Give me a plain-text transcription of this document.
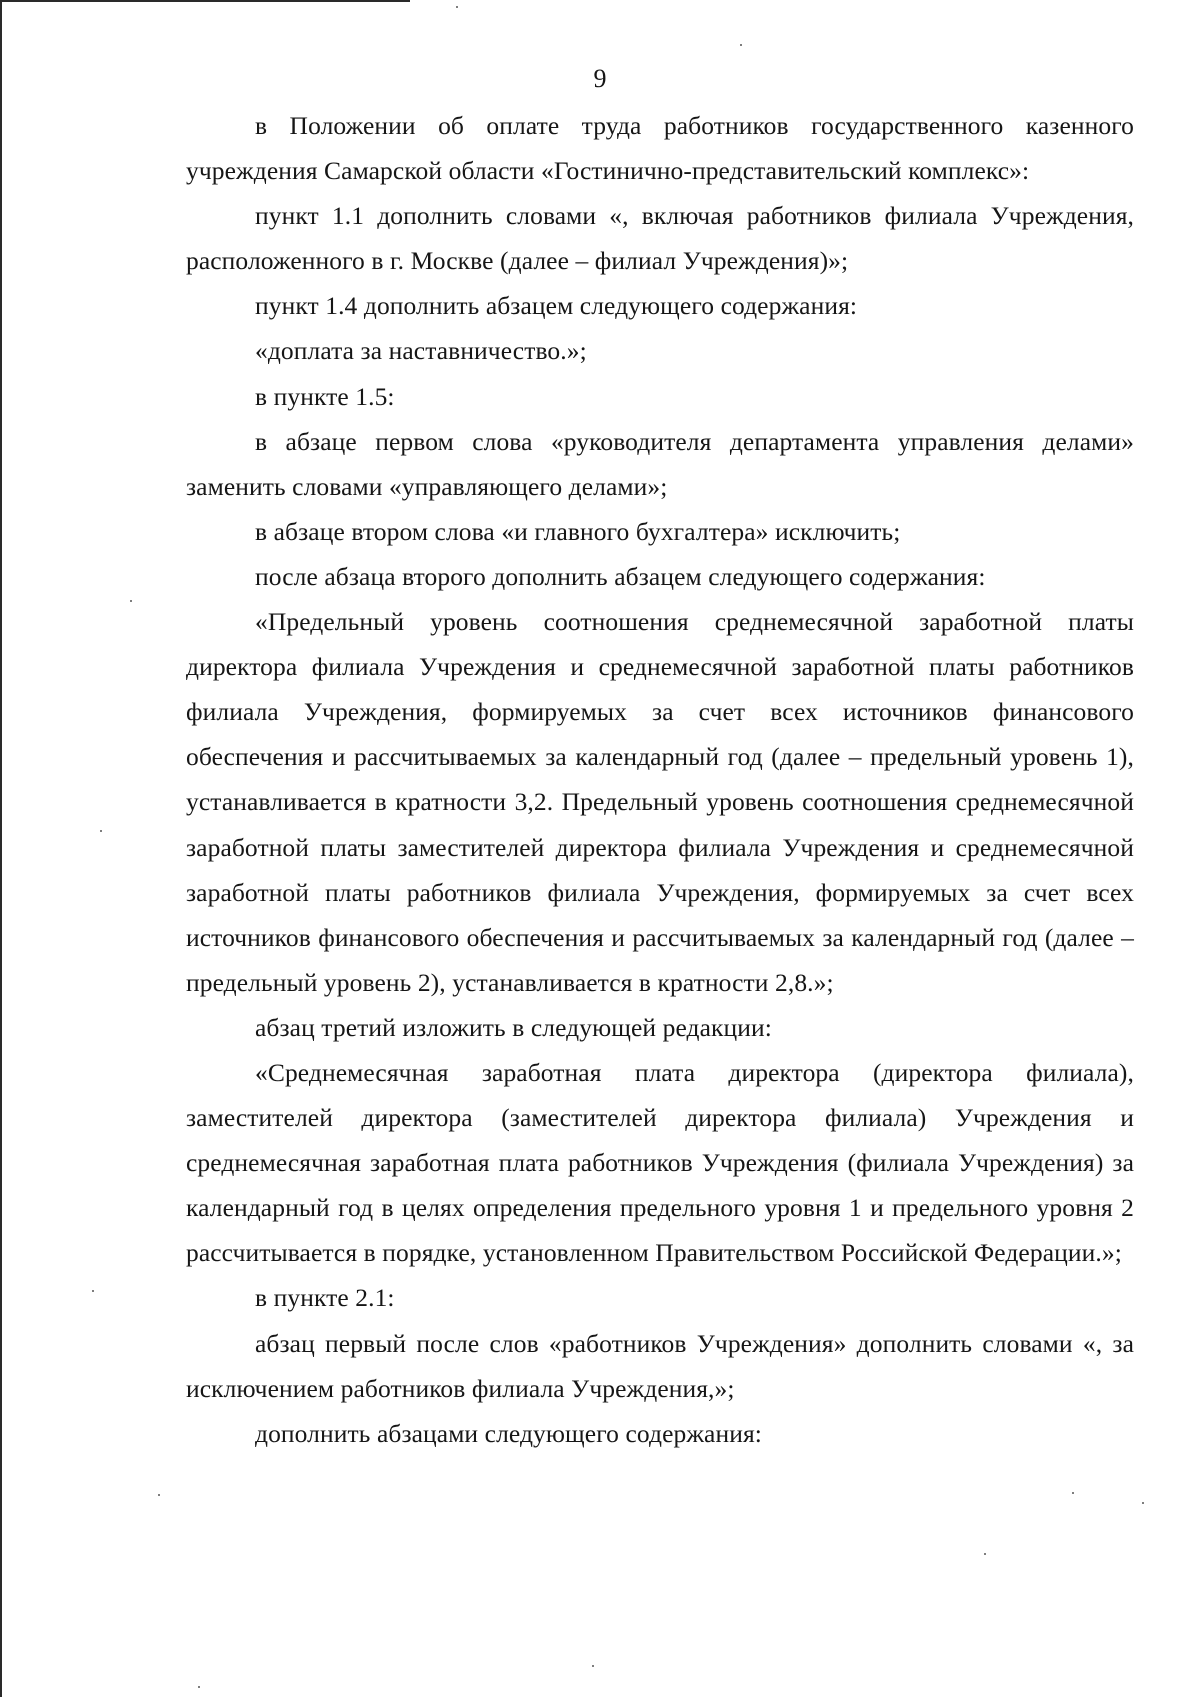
9

в Положении об оплате труда работников государственного казенного учреждения Самарской области «Гостинично-представительский комплекс»:

пункт 1.1 дополнить словами «, включая работников филиала Учреждения, расположенного в г. Москве (далее – филиал Учреждения)»;

пункт 1.4 дополнить абзацем следующего содержания:

«доплата за наставничество.»;

в пункте 1.5:

в абзаце первом слова «руководителя департамента управления делами» заменить словами «управляющего делами»;

в абзаце втором слова «и главного бухгалтера» исключить;

после абзаца второго дополнить абзацем следующего содержания:

«Предельный уровень соотношения среднемесячной заработной платы директора филиала Учреждения и среднемесячной заработной платы работников филиала Учреждения, формируемых за счет всех источников финансового обеспечения и рассчитываемых за календарный год (далее – предельный уровень 1), устанавливается в кратности 3,2. Предельный уровень соотношения среднемесячной заработной платы заместителей директора филиала Учреждения и среднемесячной заработной платы работников филиала Учреждения, формируемых за счет всех источников финансового обеспечения и рассчитываемых за календарный год (далее – предельный уровень 2), устанавливается в кратности 2,8.»;

абзац третий изложить в следующей редакции:

«Среднемесячная заработная плата директора (директора филиала), заместителей директора (заместителей директора филиала) Учреждения и среднемесячная заработная плата работников Учреждения (филиала Учреждения) за календарный год в целях определения предельного уровня 1 и предельного уровня 2 рассчитывается в порядке, установленном Правительством Российской Федерации.»;

в пункте 2.1:

абзац первый после слов «работников Учреждения» дополнить словами «, за исключением работников филиала Учреждения,»;

дополнить абзацами следующего содержания:
